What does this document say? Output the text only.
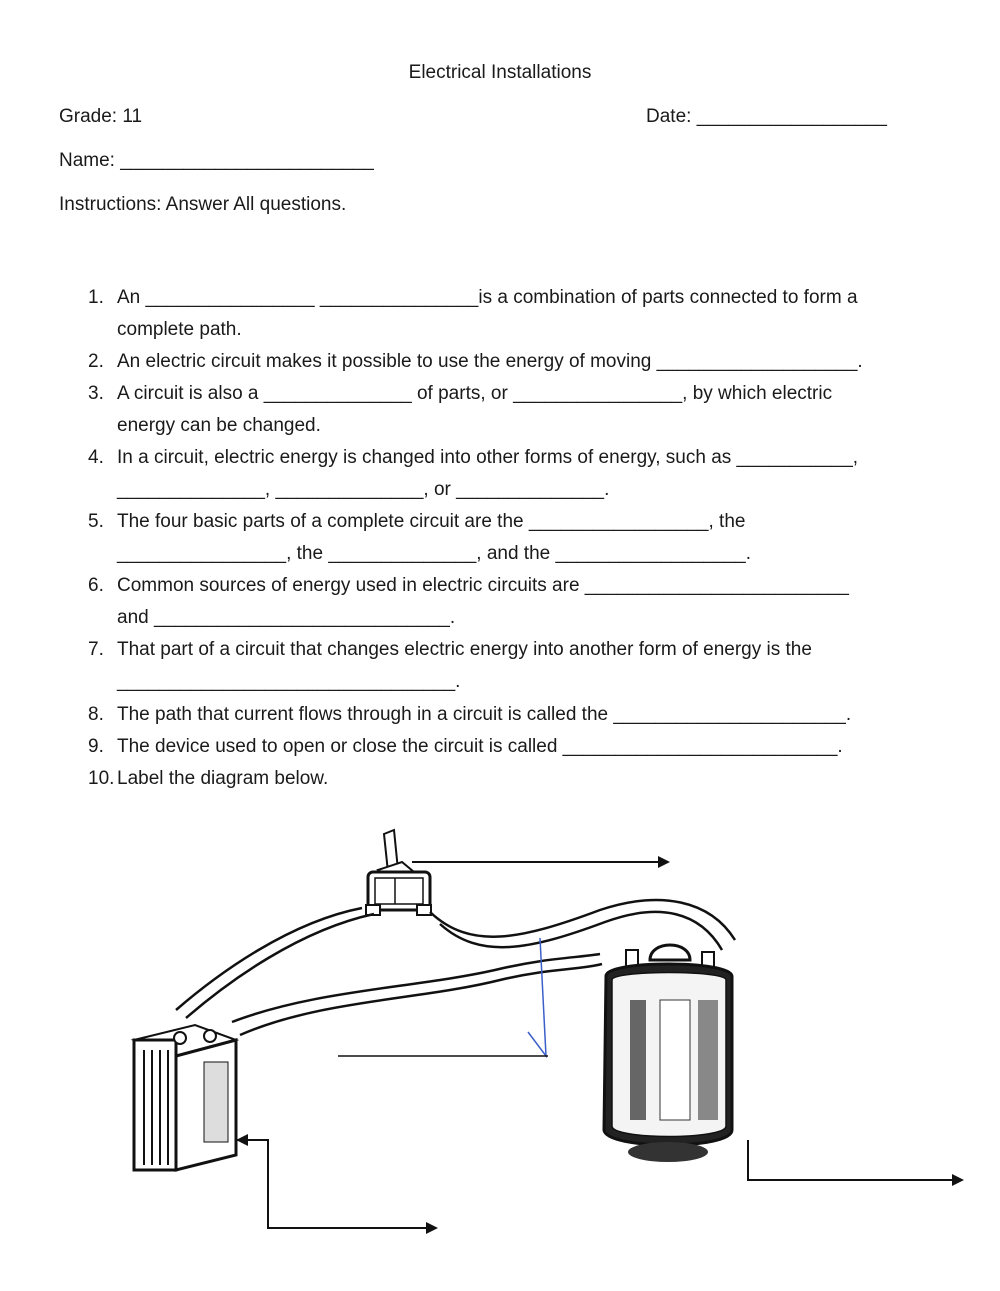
Electrical Installations
Grade: 11	Date: __________________
Name: ________________________
Instructions: Answer All questions.
1. An ________________ _______________is a combination of parts connected to form a
complete path.
2. An electric circuit makes it possible to use the energy of moving ___________________.
3. A circuit is also a ______________ of parts, or ________________, by which electric
energy can be changed.
4. In a circuit, electric energy is changed into other forms of energy, such as ___________,
______________, ______________, or ______________.
5. The four basic parts of a complete circuit are the _________________, the
________________, the ______________, and the __________________.
6. Common sources of energy used in electric circuits are _________________________
and ____________________________.
7. That part of a circuit that changes electric energy into another form of energy is the
________________________________.
8. The path that current flows through in a circuit is called the ______________________.
9. The device used to open or close the circuit is called __________________________.
10. Label the diagram below.
